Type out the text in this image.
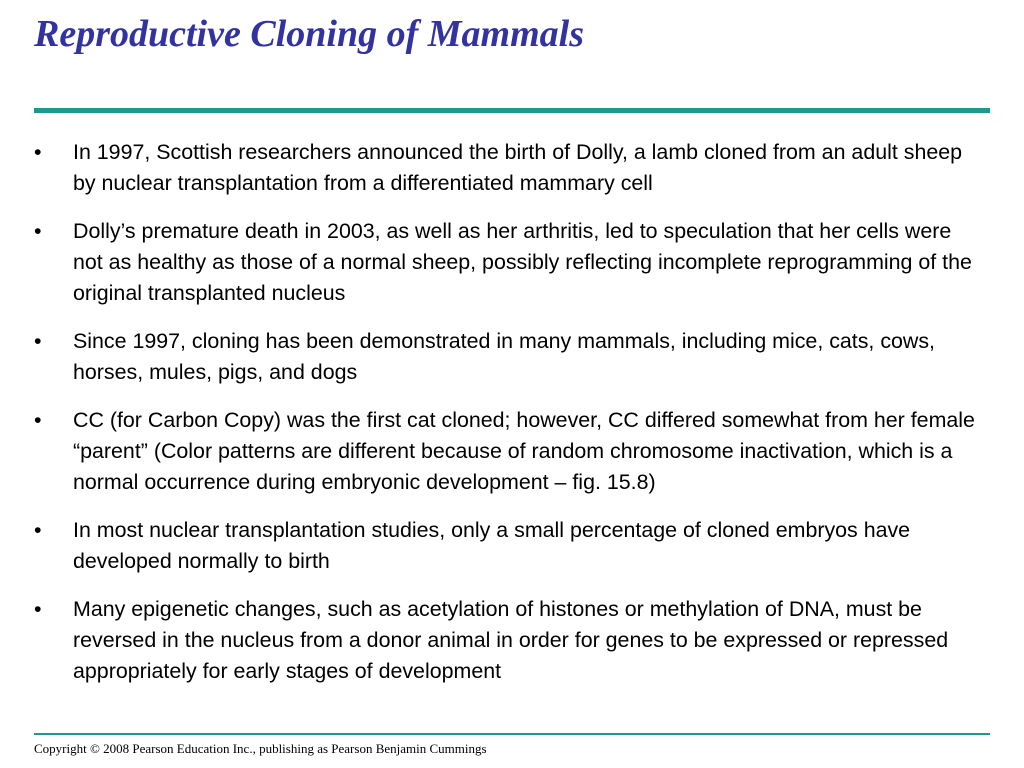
Reproductive Cloning of Mammals
•	In 1997, Scottish researchers announced the birth of Dolly, a lamb cloned from an adult sheep by nuclear transplantation from a differentiated mammary cell
•	Dolly’s premature death in 2003, as well as her arthritis, led to speculation that her cells were not as healthy as those of a normal sheep, possibly reflecting incomplete reprogramming of the original transplanted nucleus
•	Since 1997, cloning has been demonstrated in many mammals, including mice, cats, cows, horses, mules, pigs, and dogs
•	CC (for Carbon Copy) was the first cat cloned; however, CC differed somewhat from her female “parent” (Color patterns are different because of random chromosome inactivation, which is a normal occurrence during embryonic development – fig. 15.8)
•	In most nuclear transplantation studies, only a small percentage of cloned embryos have developed normally to birth
•	Many epigenetic changes, such as acetylation of histones or methylation of DNA, must be reversed in the nucleus from a donor animal in order for genes to be expressed or repressed appropriately for early stages of development
Copyright © 2008 Pearson Education Inc., publishing as Pearson Benjamin Cummings
